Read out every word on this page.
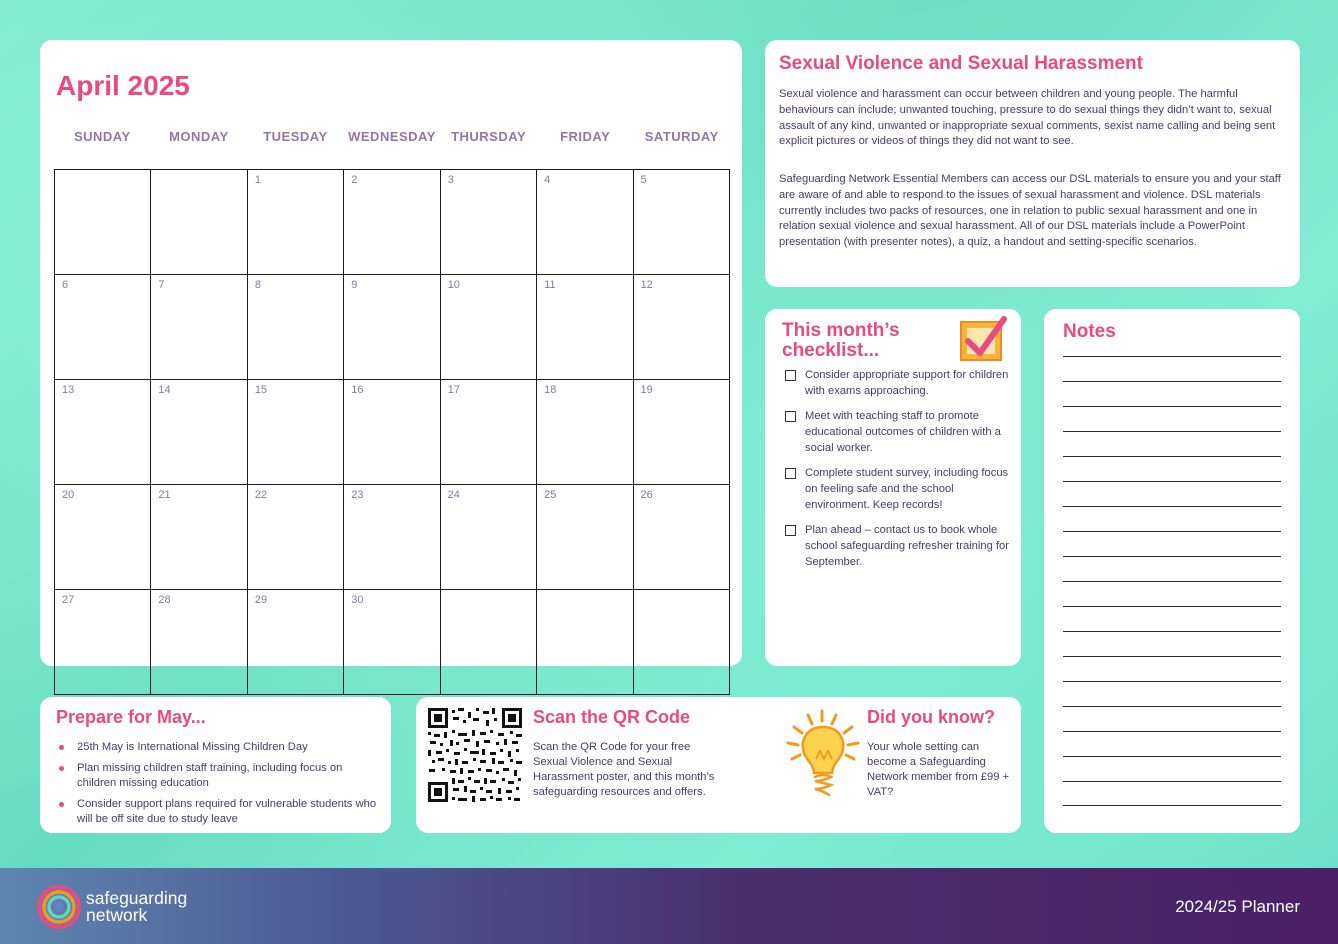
April 2025
SUNDAY	MONDAY	TUESDAY	WEDNESDAY	THURSDAY	FRIDAY	SATURDAY
		1	2	3	4	5
6	7	8	9	10	11	12
13	14	15	16	17	18	19
20	21	22	23	24	25	26
27	28	29	30			
Sexual Violence and Sexual Harassment

Sexual violence and harassment can occur between children and young people. The harmful behaviours can include; unwanted touching, pressure to do sexual things they didn’t want to, sexual assault of any kind, unwanted or inappropriate sexual comments, sexist name calling and being sent explicit pictures or videos of things they did not want to see.

Safeguarding Network Essential Members can access our DSL materials to ensure you and your staff are aware of and able to respond to the issues of sexual harassment and violence. DSL materials currently includes two packs of resources, one in relation to public sexual harassment and one in relation sexual violence and sexual harassment. All of our DSL materials include a PowerPoint presentation (with presenter notes), a quiz, a handout and setting-specific scenarios.

This month’s checklist...
Consider appropriate support for children with exams approaching.
Meet with teaching staff to promote educational outcomes of children with a social worker.
Complete student survey, including focus on feeling safe and the school environment. Keep records!
Plan ahead – contact us to book whole school safeguarding refresher training for September.
Notes
Prepare for May...
25th May is International Missing Children Day
Plan missing children staff training, including focus on children missing education
Consider support plans required for vulnerable students who will be off site due to study leave
Scan the QR Code
Scan the QR Code for your free Sexual Violence and Sexual Harassment poster, and this month’s safeguarding resources and offers.
Did you know?
Your whole setting can become a Safeguarding Network member from £99 + VAT?
safeguarding
network	2024/25 Planner
